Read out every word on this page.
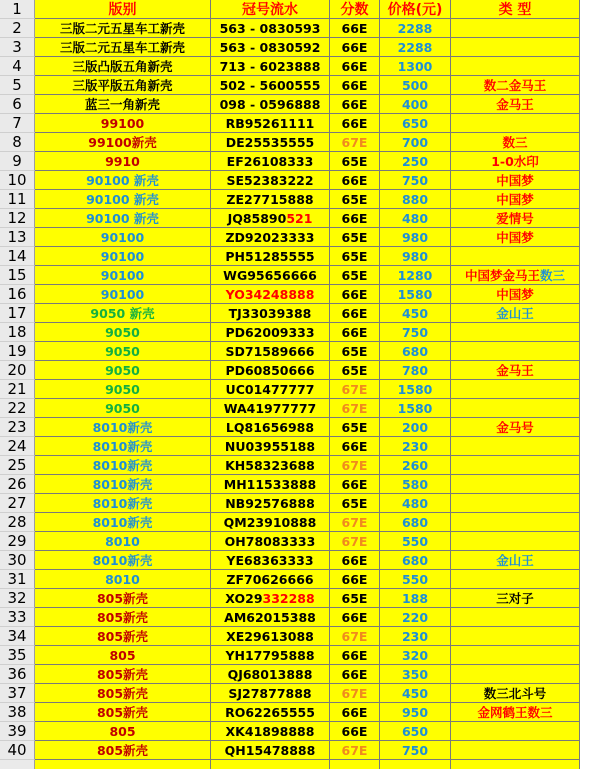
1	版别	冠号流水	分数	价格(元)	类 型
2	三版二元五星车工新壳	563 - 0830593	66E	2288
3	三版二元五星车工新壳	563 - 0830592	66E	2288
4	三版凸版五角新壳	713 - 6023888	66E	1300
5	三版平版五角新壳	502 - 5600555	66E	500	数二金马王
6	蓝三一角新壳	098 - 0596888	66E	400	金马王
7	99100	RB95261111	66E	650
8	99100新壳	DE25535555	67E	700	数三
9	9910	EF26108333	65E	250	1-0水印
10	90100 新壳	SE52383222	66E	750	中国梦
11	90100 新壳	ZE27715888	65E	880	中国梦
12	90100 新壳	JQ85890 521	66E	480	爱情号
13	90100	ZD92023333	65E	980	中国梦
14	90100	PH51285555	65E	980
15	90100	WG95656666	65E	1280	中国梦金马王 数三
16	90100	YO34248888	66E	1580	中国梦
17	9050 新壳	TJ33039388	66E	450	金山王
18	9050	PD62009333	66E	750
19	9050	SD71589666	65E	680
20	9050	PD60850666	65E	780	金马王
21	9050	UC01477777	67E	1580
22	9050	WA41977777	67E	1580
23	8010新壳	LQ81656988	65E	200	金马号
24	8010新壳	NU03955188	66E	230
25	8010新壳	KH58323688	67E	260
26	8010新壳	MH11533888	66E	580
27	8010新壳	NB92576888	65E	480
28	8010新壳	QM23910888	67E	680
29	8010	OH78083333	67E	550
30	8010新壳	YE68363333	66E	680	金山王
31	8010	ZF70626666	66E	550
32	805新壳	XO29 332288	65E	188	三对子
33	805新壳	AM62015388	66E	220
34	805新壳	XE29613088	67E	230
35	805	YH17795888	66E	320
36	805新壳	QJ68013888	66E	350
37	805新壳	SJ27877888	67E	450	数三北斗号
38	805新壳	RO62265555	66E	950	金网鹤王数三
39	805	XK41898888	66E	650
40	805新壳	QH15478888	67E	750
